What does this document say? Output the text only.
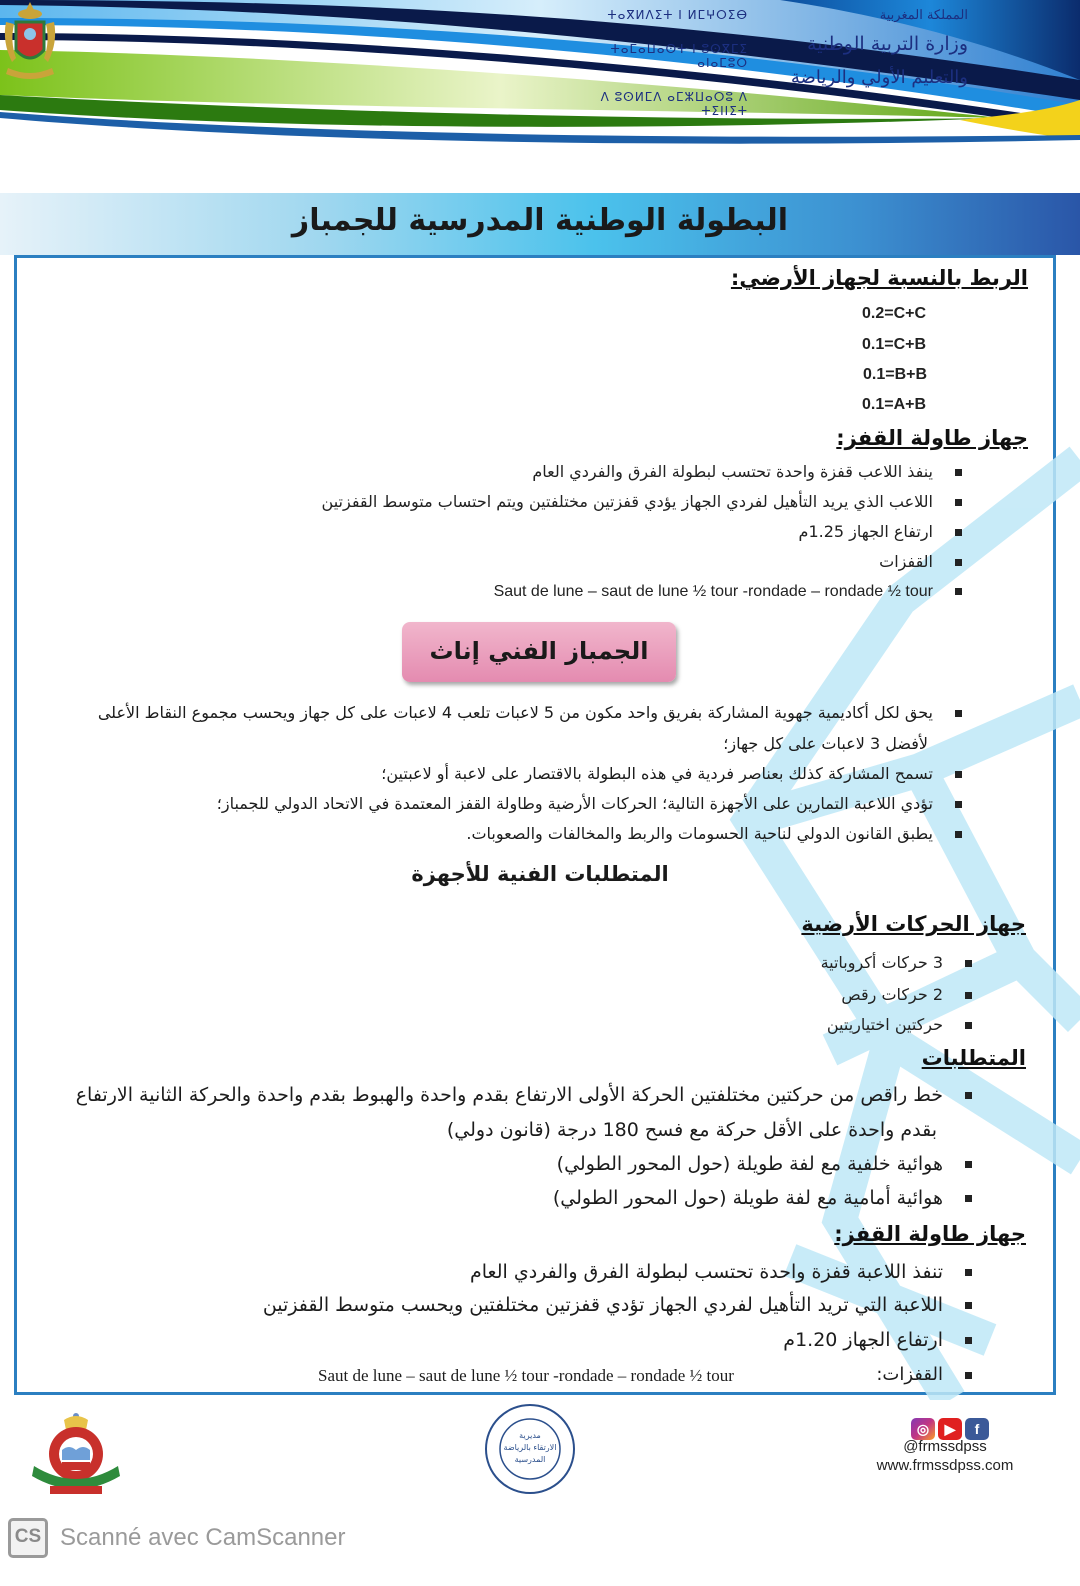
ⵜⴰⴳⵍⴷⵉⵜ ⵏ ⵍⵎⵖⵔⵉⴱ
ⵜⴰⵎⴰⵡⴰⵙⵜ ⵏ ⵓⵙⴳⵎⵉ ⴰⵏⴰⵎⵓⵔ
ⴷ ⵓⵙⵍⵎⴷ ⴰⵎⵣⵡⴰⵔⵓ ⴷ ⵜⵉⵏⵏⵉⵜ
المملكة المغربية
وزارة التربية الوطنية
والتعليم الأولي والرياضة
البطولة الوطنية المدرسية للجمباز
الربط بالنسبة لجهاز الأرضي:
0.2=C+C
0.1=C+B
0.1=B+B
0.1=A+B
جهاز طاولة القفز:
ينفذ اللاعب قفزة واحدة تحتسب لبطولة الفرق والفردي العام
اللاعب الذي يريد التأهيل لفردي الجهاز يؤدي قفزتين مختلفتين ويتم احتساب متوسط القفزتين
ارتفاع الجهاز 1.25م
القفزات
Saut de lune – saut de lune ½ tour -rondade – rondade ½ tour
الجمباز الفني إناث
يحق لكل أكاديمية جهوية المشاركة بفريق واحد مكون من 5 لاعبات تلعب 4 لاعبات على كل جهاز ويحسب مجموع النقاط الأعلى
لأفضل 3 لاعبات على كل جهاز؛
تسمح المشاركة كذلك بعناصر فردية في هذه البطولة بالاقتصار على لاعبة أو لاعبتين؛
تؤدي اللاعبة التمارين على الأجهزة التالية؛ الحركات الأرضية وطاولة القفز المعتمدة في الاتحاد الدولي للجمباز؛
يطبق القانون الدولي لناحية الحسومات والربط والمخالفات والصعوبات.
المتطلبات الفنية للأجهزة
جهاز الحركات الأرضية
3 حركات أكروباتية
2 حركات رقص
حركتين اختياريتين
المتطلبات
خط راقص من حركتين مختلفتين الحركة الأولى الارتفاع بقدم واحدة والهبوط بقدم واحدة والحركة الثانية الارتفاع
بقدم واحدة على الأقل حركة مع فسح 180 درجة (قانون دولي)
هوائية خلفية مع لفة طويلة (حول المحور الطولي)
هوائية أمامية مع لفة طويلة (حول المحور الطولي)
جهاز طاولة القفز:
تنفذ اللاعبة قفزة واحدة تحتسب لبطولة الفرق والفردي العام
اللاعبة التي تريد التأهيل لفردي الجهاز تؤدي قفزتين مختلفتين ويحسب متوسط القفزتين
ارتفاع الجهاز 1.20م
القفزات:
Saut de lune – saut de lune ½ tour -rondade – rondade ½ tour
مديرية
الارتقاء بالرياضة
المدرسية
◎	▶	f
@frmssdpss
www.frmssdpss.com
CS Scanné avec CamScanner
